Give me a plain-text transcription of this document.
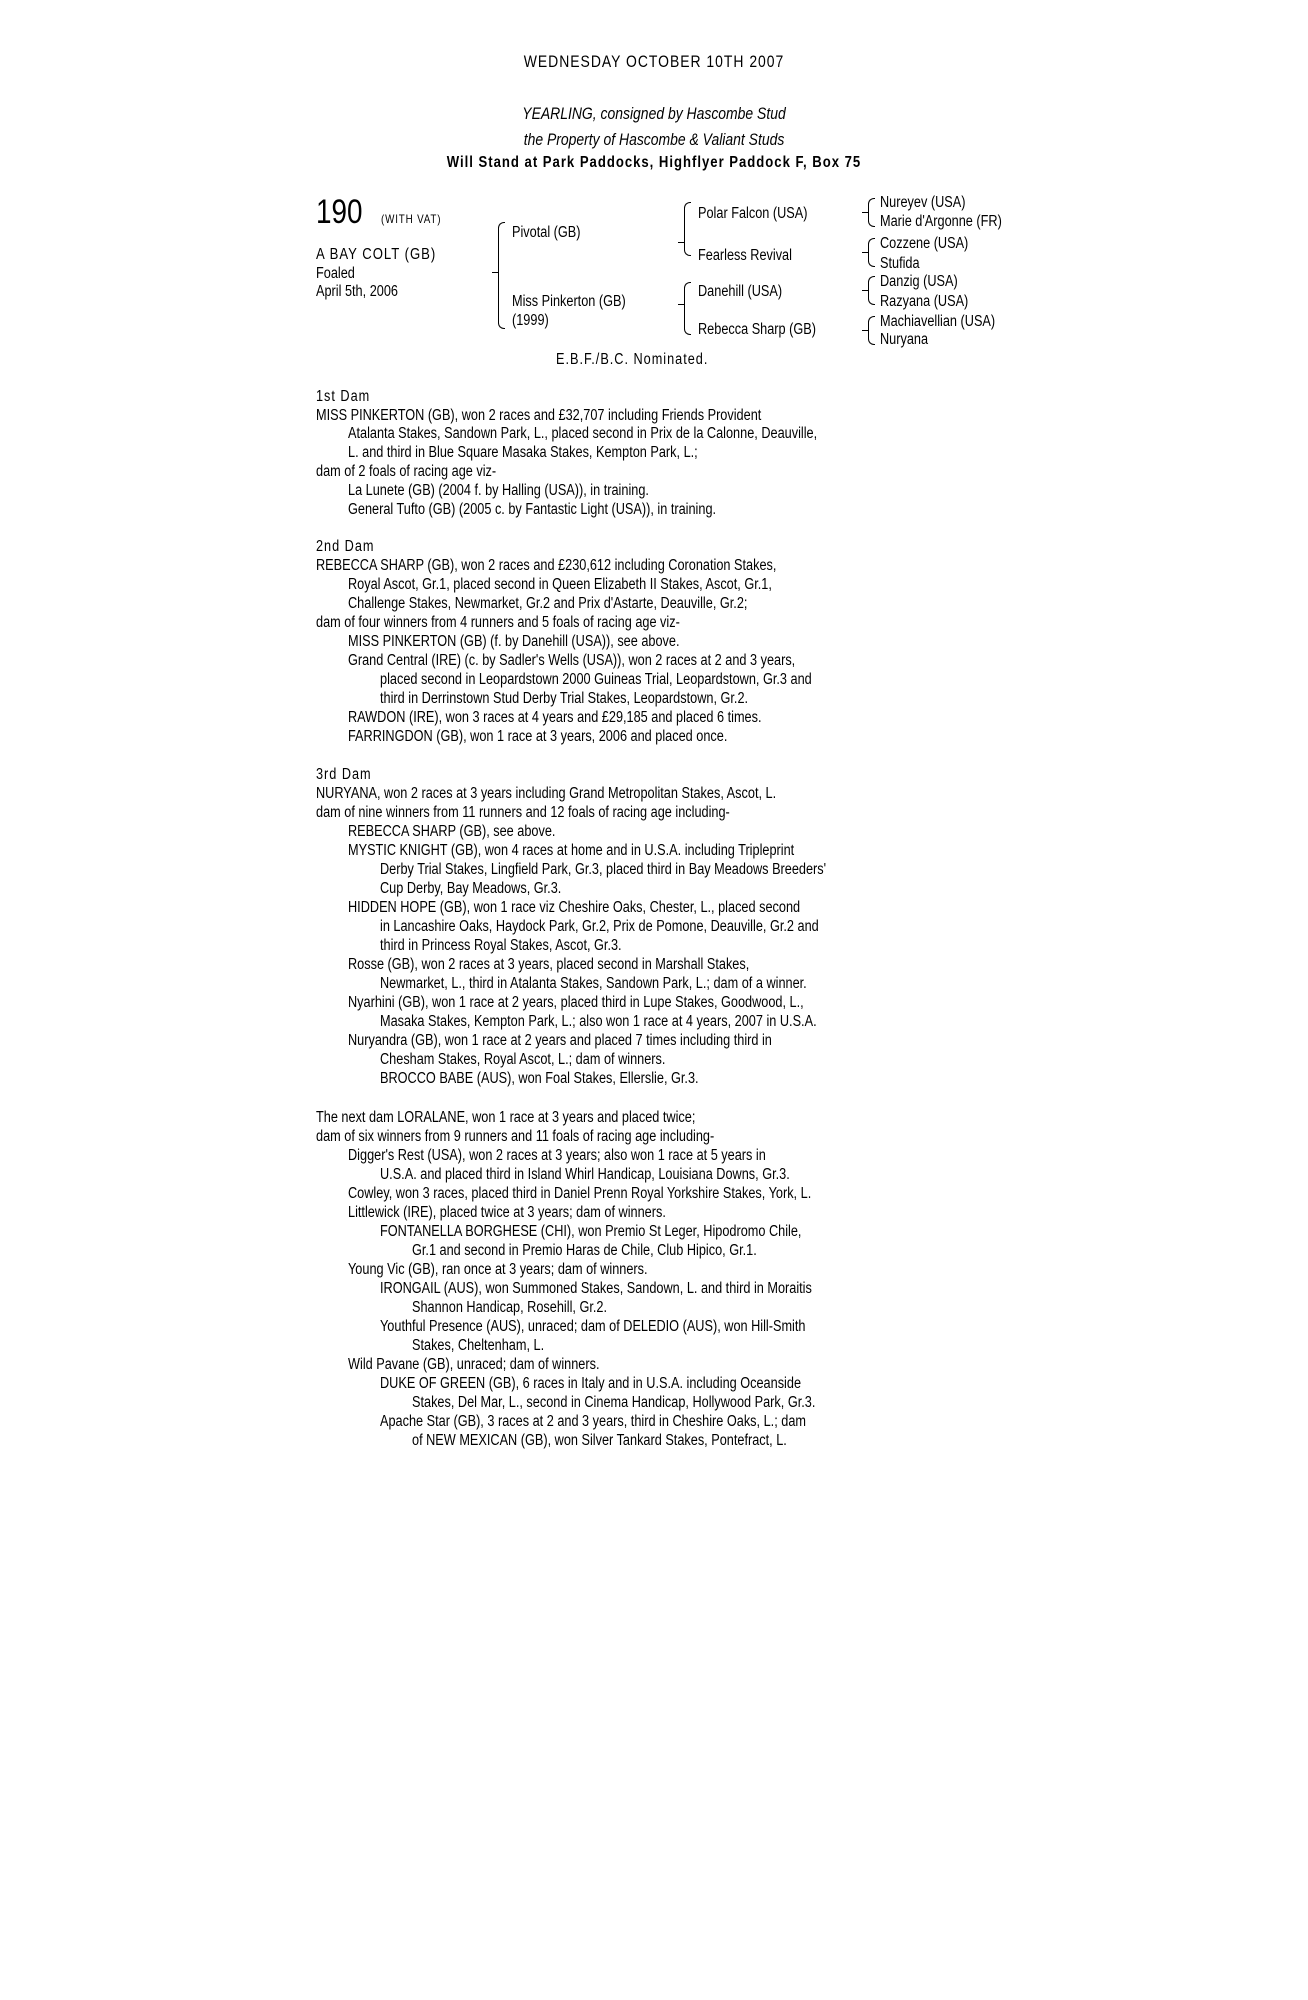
WEDNESDAY OCTOBER 10TH 2007
YEARLING, consigned by Hascombe Stud
the Property of Hascombe & Valiant Studs
Will Stand at Park Paddocks, Highflyer Paddock F, Box 75
190 (WITH VAT)
A BAY COLT (GB)
Foaled
April 5th, 2006
Pivotal (GB)
Miss Pinkerton (GB)
(1999)
Polar Falcon (USA)
Fearless Revival
Danehill (USA)
Rebecca Sharp (GB)
Nureyev (USA)
Marie d'Argonne (FR)
Cozzene (USA)
Stufida
Danzig (USA)
Razyana (USA)
Machiavellian (USA)
Nuryana
E.B.F./B.C. Nominated.
1st Dam
MISS PINKERTON (GB), won 2 races and £32,707 including Friends Provident
Atalanta Stakes, Sandown Park, L., placed second in Prix de la Calonne, Deauville,
L. and third in Blue Square Masaka Stakes, Kempton Park, L.;
dam of 2 foals of racing age viz-
La Lunete (GB) (2004 f. by Halling (USA)), in training.
General Tufto (GB) (2005 c. by Fantastic Light (USA)), in training.
2nd Dam
REBECCA SHARP (GB), won 2 races and £230,612 including Coronation Stakes,
Royal Ascot, Gr.1, placed second in Queen Elizabeth II Stakes, Ascot, Gr.1,
Challenge Stakes, Newmarket, Gr.2 and Prix d'Astarte, Deauville, Gr.2;
dam of four winners from 4 runners and 5 foals of racing age viz-
MISS PINKERTON (GB) (f. by Danehill (USA)), see above.
Grand Central (IRE) (c. by Sadler's Wells (USA)), won 2 races at 2 and 3 years,
placed second in Leopardstown 2000 Guineas Trial, Leopardstown, Gr.3 and
third in Derrinstown Stud Derby Trial Stakes, Leopardstown, Gr.2.
RAWDON (IRE), won 3 races at 4 years and £29,185 and placed 6 times.
FARRINGDON (GB), won 1 race at 3 years, 2006 and placed once.
3rd Dam
NURYANA, won 2 races at 3 years including Grand Metropolitan Stakes, Ascot, L.
dam of nine winners from 11 runners and 12 foals of racing age including-
REBECCA SHARP (GB), see above.
MYSTIC KNIGHT (GB), won 4 races at home and in U.S.A. including Tripleprint
Derby Trial Stakes, Lingfield Park, Gr.3, placed third in Bay Meadows Breeders'
Cup Derby, Bay Meadows, Gr.3.
HIDDEN HOPE (GB), won 1 race viz Cheshire Oaks, Chester, L., placed second
in Lancashire Oaks, Haydock Park, Gr.2, Prix de Pomone, Deauville, Gr.2 and
third in Princess Royal Stakes, Ascot, Gr.3.
Rosse (GB), won 2 races at 3 years, placed second in Marshall Stakes,
Newmarket, L., third in Atalanta Stakes, Sandown Park, L.; dam of a winner.
Nyarhini (GB), won 1 race at 2 years, placed third in Lupe Stakes, Goodwood, L.,
Masaka Stakes, Kempton Park, L.; also won 1 race at 4 years, 2007 in U.S.A.
Nuryandra (GB), won 1 race at 2 years and placed 7 times including third in
Chesham Stakes, Royal Ascot, L.; dam of winners.
BROCCO BABE (AUS), won Foal Stakes, Ellerslie, Gr.3.
The next dam LORALANE, won 1 race at 3 years and placed twice;
dam of six winners from 9 runners and 11 foals of racing age including-
Digger's Rest (USA), won 2 races at 3 years; also won 1 race at 5 years in
U.S.A. and placed third in Island Whirl Handicap, Louisiana Downs, Gr.3.
Cowley, won 3 races, placed third in Daniel Prenn Royal Yorkshire Stakes, York, L.
Littlewick (IRE), placed twice at 3 years; dam of winners.
FONTANELLA BORGHESE (CHI), won Premio St Leger, Hipodromo Chile,
Gr.1 and second in Premio Haras de Chile, Club Hipico, Gr.1.
Young Vic (GB), ran once at 3 years; dam of winners.
IRONGAIL (AUS), won Summoned Stakes, Sandown, L. and third in Moraitis
Shannon Handicap, Rosehill, Gr.2.
Youthful Presence (AUS), unraced; dam of DELEDIO (AUS), won Hill-Smith
Stakes, Cheltenham, L.
Wild Pavane (GB), unraced; dam of winners.
DUKE OF GREEN (GB), 6 races in Italy and in U.S.A. including Oceanside
Stakes, Del Mar, L., second in Cinema Handicap, Hollywood Park, Gr.3.
Apache Star (GB), 3 races at 2 and 3 years, third in Cheshire Oaks, L.; dam
of NEW MEXICAN (GB), won Silver Tankard Stakes, Pontefract, L.
